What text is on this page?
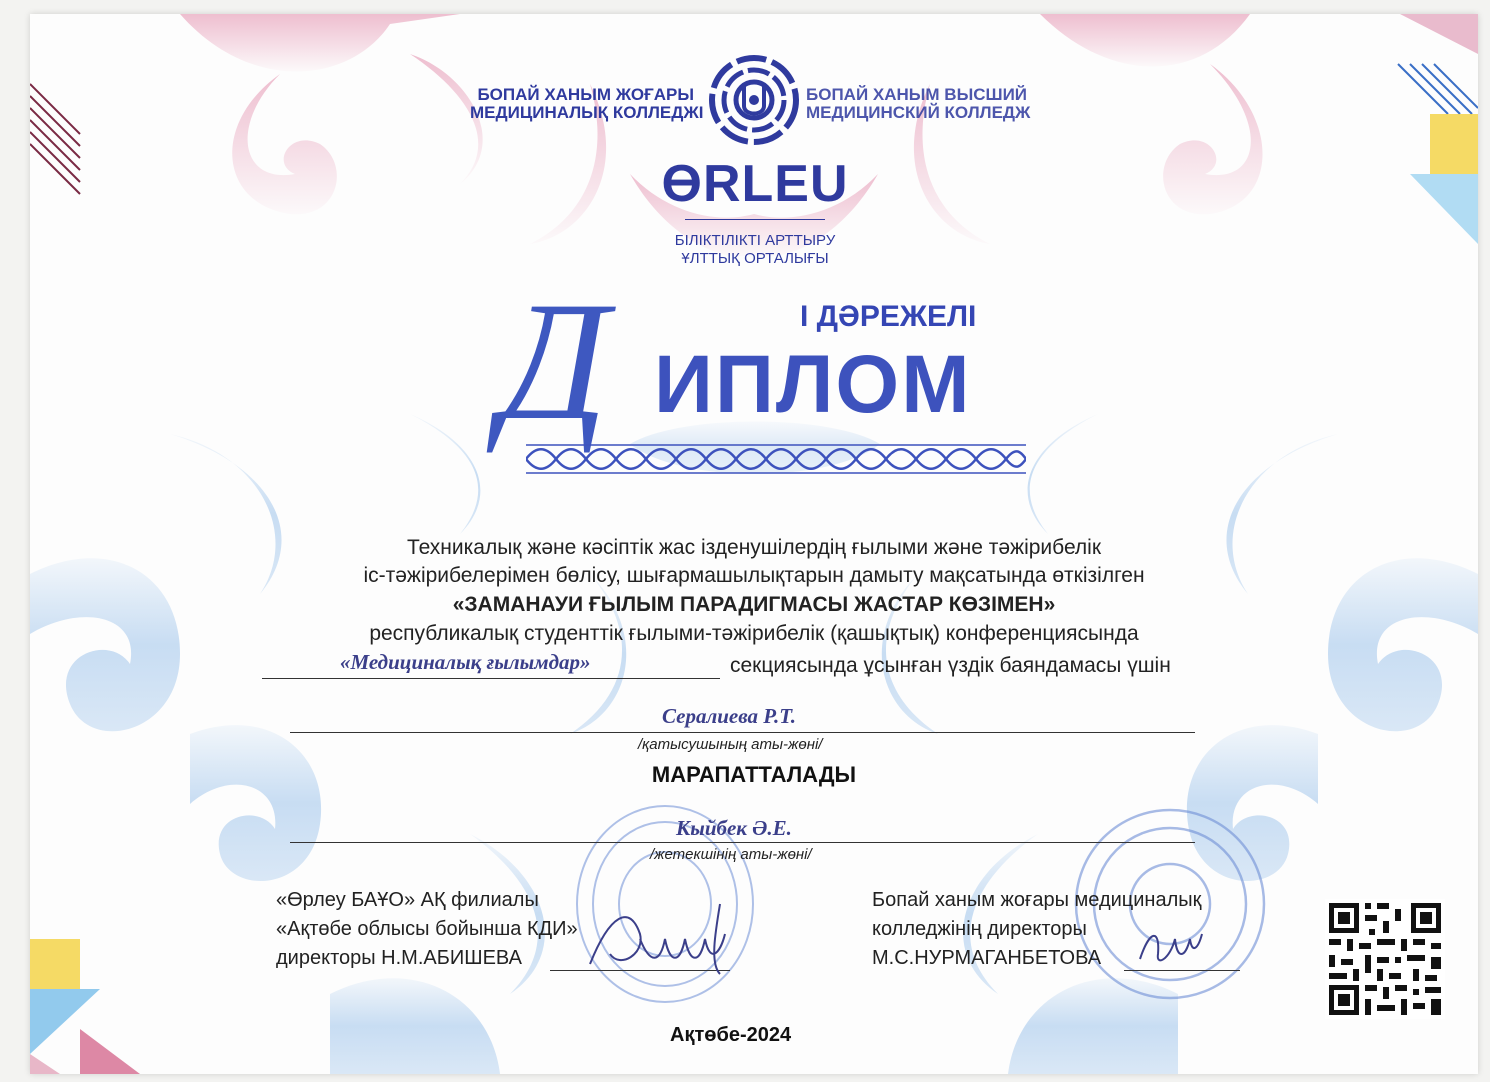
БОПАЙ ХАНЫМ ЖОҒАРЫ
МЕДИЦИНАЛЫҚ КОЛЛЕДЖІ
БОПАЙ ХАНЫМ ВЫСШИЙ
МЕДИЦИНСКИЙ КОЛЛЕДЖ
ӨRLEU
БІЛІКТІЛІКТІ АРТТЫРУ
ҰЛТТЫҚ ОРТАЛЫҒЫ
І ДӘРЕЖЕЛІ
Д ИПЛОМ
Техникалық және кәсіптік жас ізденушілердің ғылыми және тәжірибелік
іс-тәжірибелерімен бөлісу, шығармашылықтарын дамыту мақсатында өткізілген
«ЗАМАНАУИ ҒЫЛЫМ ПАРАДИГМАСЫ ЖАСТАР КӨЗІМЕН»
республикалық студенттік ғылыми-тәжірибелік (қашықтық) конференциясында
«Медициналық ғылымдар»	секциясында ұсынған үздік баяндамасы үшін
Сералиева Р.Т.
/қатысушының аты-жөні/
МАРАПАТТАЛАДЫ
Кыйбек Ә.Е.
/жетекшінің аты-жөні/
«Өрлеу БАҰО» АҚ филиалы
«Ақтөбе облысы бойынша КДИ»
директоры Н.М.АБИШЕВА
Бопай ханым жоғары медициналық
колледжінің директоры
М.С.НУРМАГАНБЕТОВА
Ақтөбе-2024
